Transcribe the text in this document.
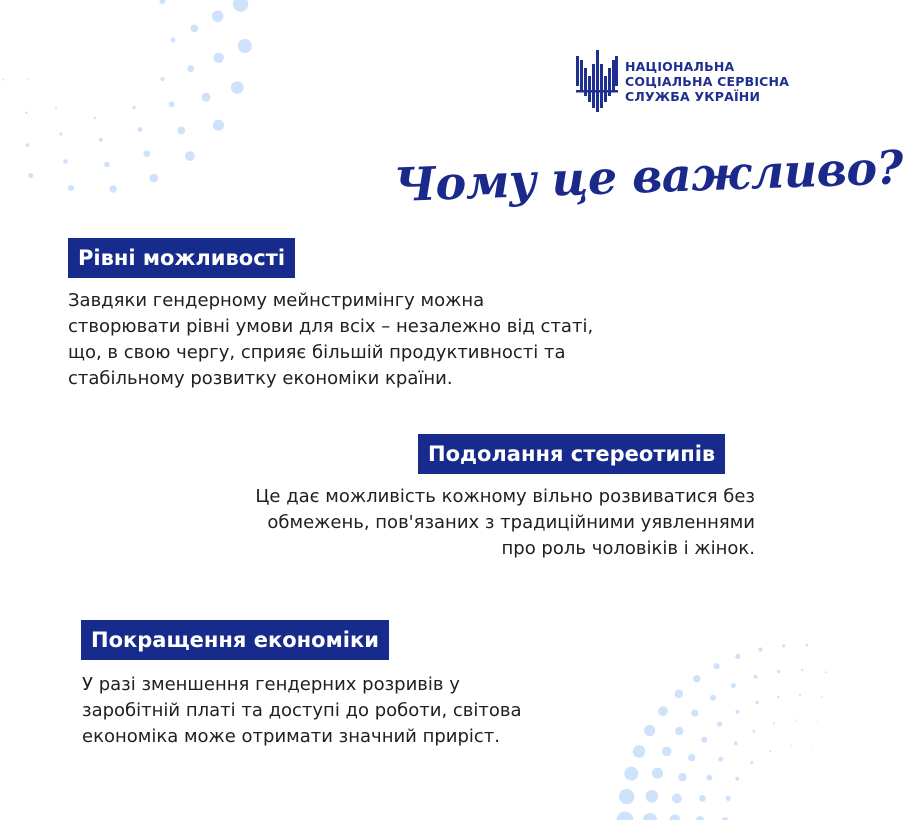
НАЦІОНАЛЬНА
СОЦІАЛЬНА СЕРВІСНА
СЛУЖБА УКРАЇНИ
Чому це важливо?
Рівні можливості
Завдяки гендерному мейнстримінгу можна
створювати рівні умови для всіх – незалежно від статі,
що, в свою чергу, сприяє більшій продуктивності та
стабільному розвитку економіки країни.
Подолання стереотипів
Це дає можливість кожному вільно розвиватися без
обмежень, пов'язаних з традиційними уявленнями
про роль чоловіків і жінок.
Покращення економіки
У разі зменшення гендерних розривів у
заробітній платі та доступі до роботи, світова
економіка може отримати значний приріст.
